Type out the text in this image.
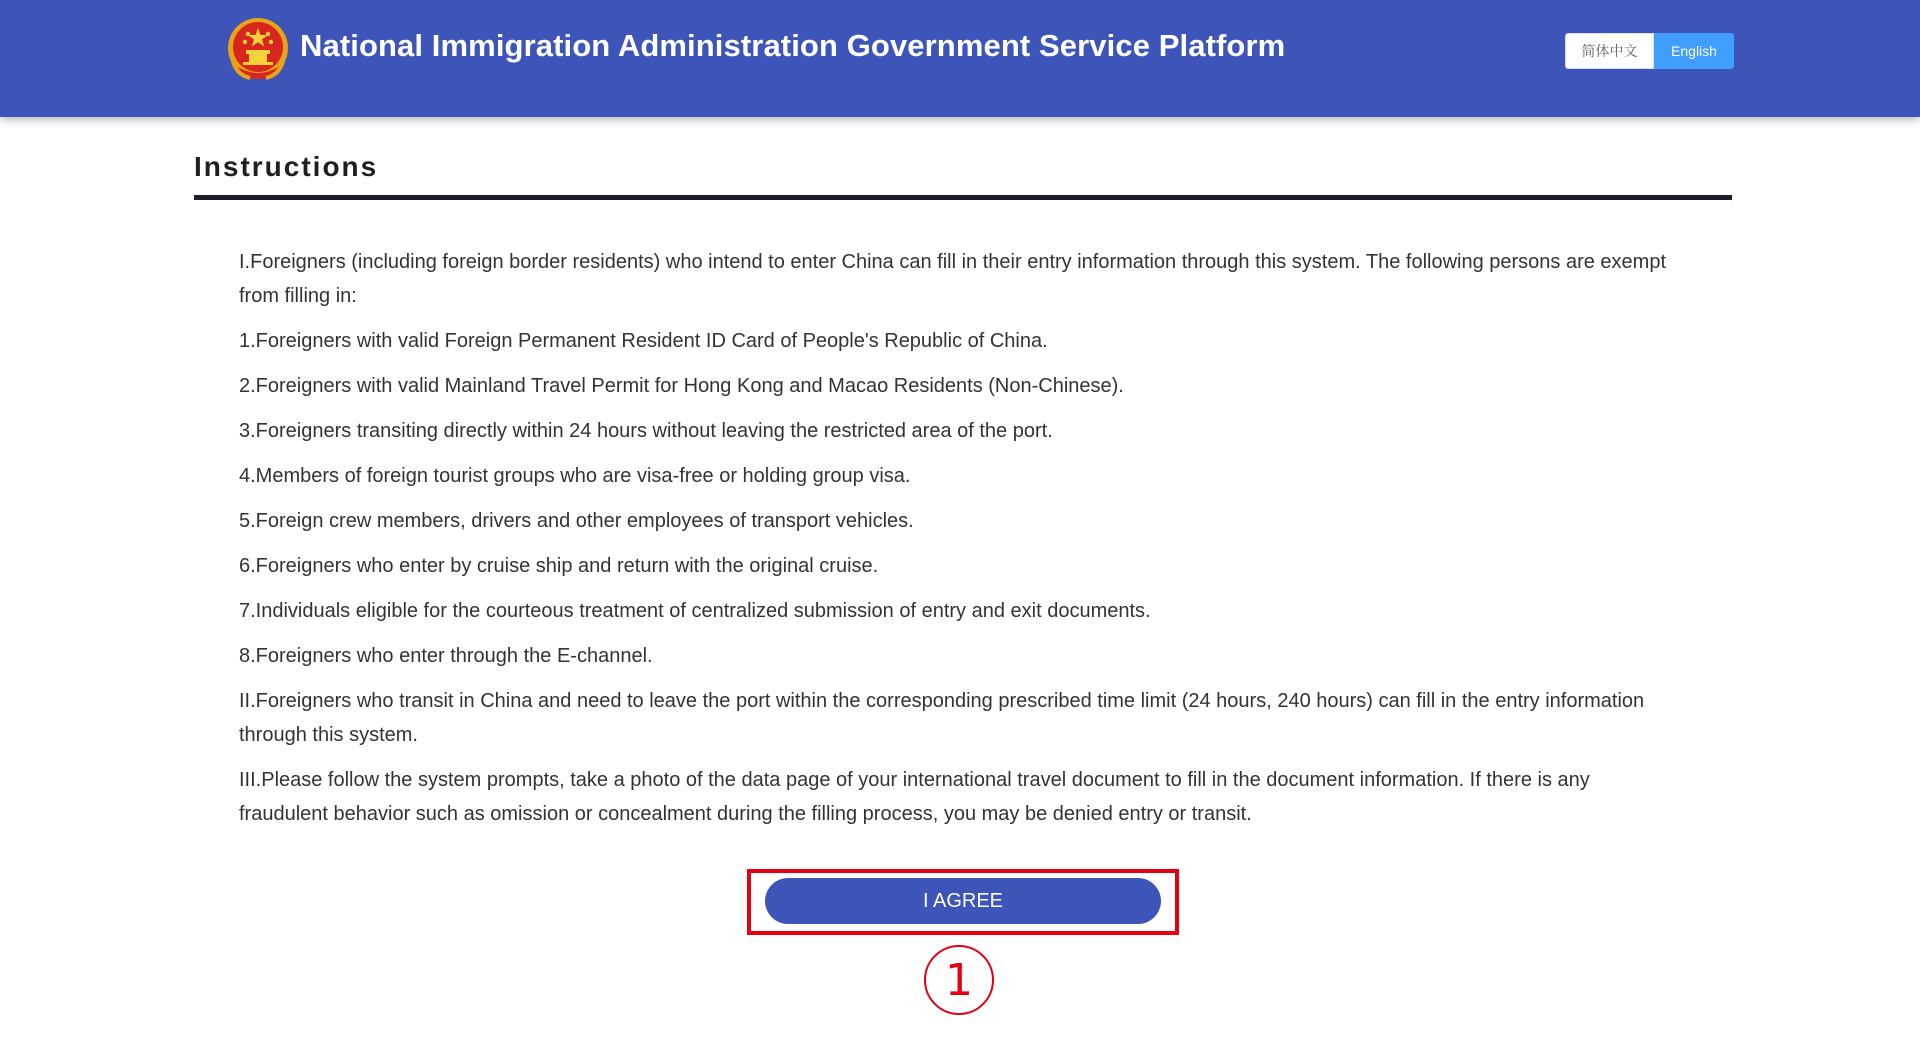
National Immigration Administration Government Service Platform	简体中文	English
Instructions

I.Foreigners (including foreign border residents) who intend to enter China can fill in their entry information through this system. The following persons are exempt from filling in:

1.Foreigners with valid Foreign Permanent Resident ID Card of People's Republic of China.

2.Foreigners with valid Mainland Travel Permit for Hong Kong and Macao Residents (Non-Chinese).

3.Foreigners transiting directly within 24 hours without leaving the restricted area of the port.

4.Members of foreign tourist groups who are visa-free or holding group visa.

5.Foreign crew members, drivers and other employees of transport vehicles.

6.Foreigners who enter by cruise ship and return with the original cruise.

7.Individuals eligible for the courteous treatment of centralized submission of entry and exit documents.

8.Foreigners who enter through the E-channel.

II.Foreigners who transit in China and need to leave the port within the corresponding prescribed time limit (24 hours, 240 hours) can fill in the entry information through this system.

III.Please follow the system prompts, take a photo of the data page of your international travel document to fill in the document information. If there is any fraudulent behavior such as omission or concealment during the filling process, you may be denied entry or transit.

I AGREE
1
